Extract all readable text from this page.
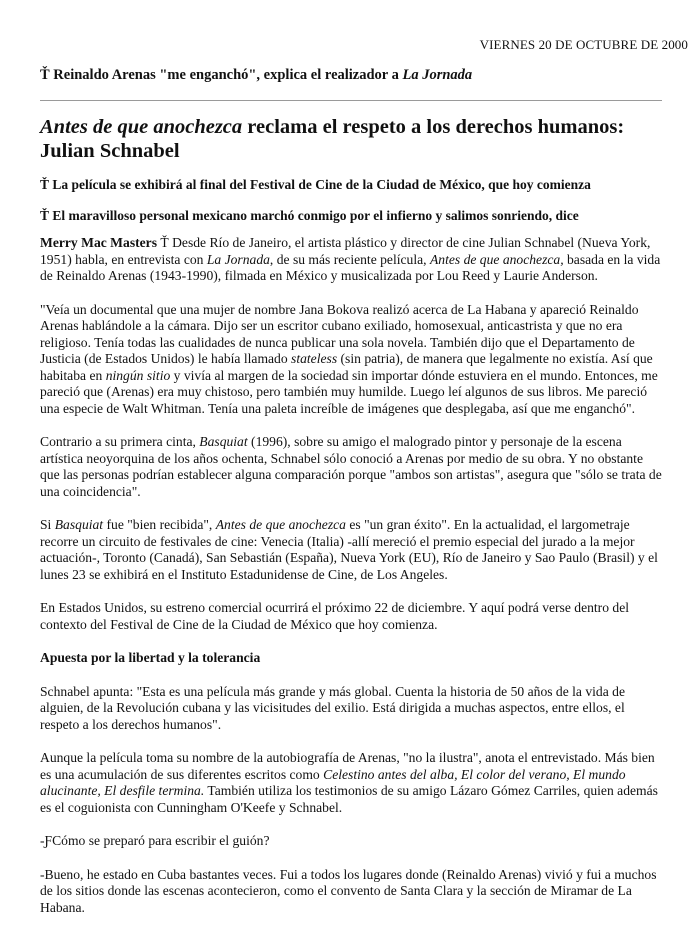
VIERNES 20 DE OCTUBRE DE 2000
Ť Reinaldo Arenas "me enganchó", explica el realizador a La Jornada
Antes de que anochezca reclama el respeto a los derechos humanos: Julian Schnabel
Ť La película se exhibirá al final del Festival de Cine de la Ciudad de México, que hoy comienza
Ť El maravilloso personal mexicano marchó conmigo por el infierno y salimos sonriendo, dice

Merry Mac Masters Ť Desde Río de Janeiro, el artista plástico y director de cine Julian Schnabel (Nueva York, 1951) habla, en entrevista con La Jornada, de su más reciente película, Antes de que anochezca, basada en la vida de Reinaldo Arenas (1943-1990), filmada en México y musicalizada por Lou Reed y Laurie Anderson.

"Veía un documental que una mujer de nombre Jana Bokova realizó acerca de La Habana y apareció Reinaldo Arenas hablándole a la cámara. Dijo ser un escritor cubano exiliado, homosexual, anticastrista y que no era religioso. Tenía todas las cualidades de nunca publicar una sola novela. También dijo que el Departamento de Justicia (de Estados Unidos) le había llamado stateless (sin patria), de manera que legalmente no existía. Así que habitaba en ningún sitio y vivía al margen de la sociedad sin importar dónde estuviera en el mundo. Entonces, me pareció que (Arenas) era muy chistoso, pero también muy humilde. Luego leí algunos de sus libros. Me pareció una especie de Walt Whitman. Tenía una paleta increíble de imágenes que desplegaba, así que me enganchó".

Contrario a su primera cinta, Basquiat (1996), sobre su amigo el malogrado pintor y personaje de la escena artística neoyorquina de los años ochenta, Schnabel sólo conoció a Arenas por medio de su obra. Y no obstante que las personas podrían establecer alguna comparación porque "ambos son artistas", asegura que "sólo se trata de una coincidencia".

Si Basquiat fue "bien recibida", Antes de que anochezca es "un gran éxito". En la actualidad, el largometraje recorre un circuito de festivales de cine: Venecia (Italia) -allí mereció el premio especial del jurado a la mejor actuación-, Toronto (Canadá), San Sebastián (España), Nueva York (EU), Río de Janeiro y Sao Paulo (Brasil) y el lunes 23 se exhibirá en el Instituto Estadunidense de Cine, de Los Angeles.

En Estados Unidos, su estreno comercial ocurrirá el próximo 22 de diciembre. Y aquí podrá verse dentro del contexto del Festival de Cine de la Ciudad de México que hoy comienza.

Apuesta por la libertad y la tolerancia

Schnabel apunta: "Esta es una película más grande y más global. Cuenta la historia de 50 años de la vida de alguien, de la Revolución cubana y las vicisitudes del exilio. Está dirigida a muchas aspectos, entre ellos, el respeto a los derechos humanos".

Aunque la película toma su nombre de la autobiografía de Arenas, "no la ilustra", anota el entrevistado. Más bien es una acumulación de sus diferentes escritos como Celestino antes del alba, El color del verano, El mundo alucinante, El desfile termina. También utiliza los testimonios de su amigo Lázaro Gómez Carriles, quien además es el coguionista con Cunningham O'Keefe y Schnabel.

-ƑCómo se preparó para escribir el guión?

-Bueno, he estado en Cuba bastantes veces. Fui a todos los lugares donde (Reinaldo Arenas) vivió y fui a muchos de los sitios donde las escenas acontecieron, como el convento de Santa Clara y la sección de Miramar de La Habana.
